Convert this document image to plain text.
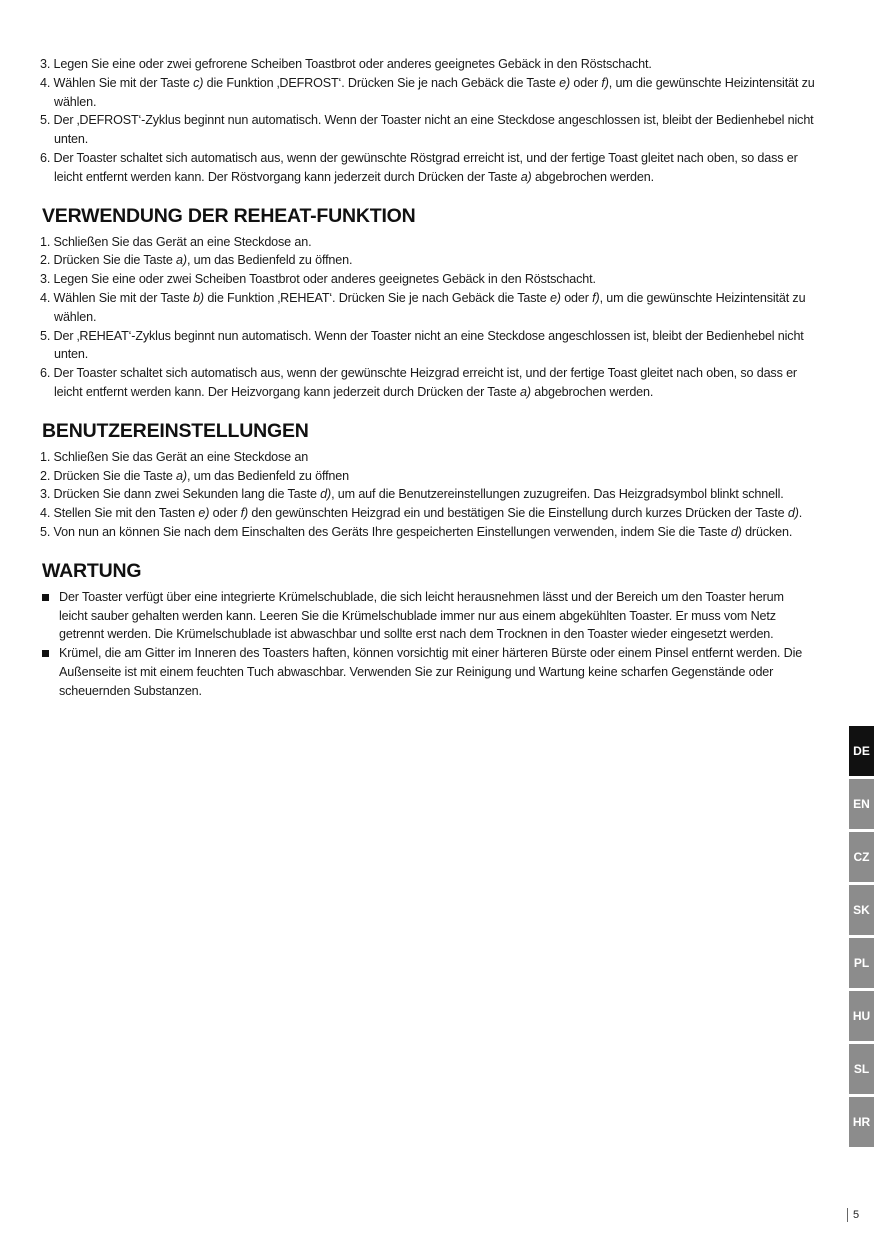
3. Legen Sie eine oder zwei gefrorene Scheiben Toastbrot oder anderes geeignetes Gebäck in den Röstschacht.
4. Wählen Sie mit der Taste c) die Funktion ‚DEFROST‘. Drücken Sie je nach Gebäck die Taste e) oder f), um die gewünschte Heizintensität zu wählen.
5. Der ‚DEFROST‘-Zyklus beginnt nun automatisch. Wenn der Toaster nicht an eine Steckdose angeschlossen ist, bleibt der Bedienhebel nicht unten.
6. Der Toaster schaltet sich automatisch aus, wenn der gewünschte Röstgrad erreicht ist, und der fertige Toast gleitet nach oben, so dass er leicht entfernt werden kann. Der Röstvorgang kann jederzeit durch Drücken der Taste a) abgebrochen werden.
VERWENDUNG DER REHEAT-FUNKTION
1. Schließen Sie das Gerät an eine Steckdose an.
2. Drücken Sie die Taste a), um das Bedienfeld zu öffnen.
3. Legen Sie eine oder zwei Scheiben Toastbrot oder anderes geeignetes Gebäck in den Röstschacht.
4. Wählen Sie mit der Taste b) die Funktion ‚REHEAT‘. Drücken Sie je nach Gebäck die Taste e) oder f), um die gewünschte Heizintensität zu wählen.
5. Der ‚REHEAT‘-Zyklus beginnt nun automatisch. Wenn der Toaster nicht an eine Steckdose angeschlossen ist, bleibt der Bedienhebel nicht unten.
6. Der Toaster schaltet sich automatisch aus, wenn der gewünschte Heizgrad erreicht ist, und der fertige Toast gleitet nach oben, so dass er leicht entfernt werden kann. Der Heizvorgang kann jederzeit durch Drücken der Taste a) abgebrochen werden.
BENUTZEREINSTELLUNGEN
1. Schließen Sie das Gerät an eine Steckdose an
2. Drücken Sie die Taste a), um das Bedienfeld zu öffnen
3. Drücken Sie dann zwei Sekunden lang die Taste d), um auf die Benutzereinstellungen zuzugreifen. Das Heizgradsymbol blinkt schnell.
4. Stellen Sie mit den Tasten e) oder f) den gewünschten Heizgrad ein und bestätigen Sie die Einstellung durch kurzes Drücken der Taste d).
5. Von nun an können Sie nach dem Einschalten des Geräts Ihre gespeicherten Einstellungen verwenden, indem Sie die Taste d) drücken.
WARTUNG
Der Toaster verfügt über eine integrierte Krümelschublade, die sich leicht herausnehmen lässt und der Bereich um den Toaster herum leicht sauber gehalten werden kann. Leeren Sie die Krümelschublade immer nur aus einem abgekühlten Toaster. Er muss vom Netz getrennt werden. Die Krümelschublade ist abwaschbar und sollte erst nach dem Trocknen in den Toaster wieder eingesetzt werden.
Krümel, die am Gitter im Inneren des Toasters haften, können vorsichtig mit einer härteren Bürste oder einem Pinsel entfernt werden. Die Außenseite ist mit einem feuchten Tuch abwaschbar. Verwenden Sie zur Reinigung und Wartung keine scharfen Gegenstände oder scheuernden Substanzen.
DE
EN
CZ
SK
PL
HU
SL
HR
5
